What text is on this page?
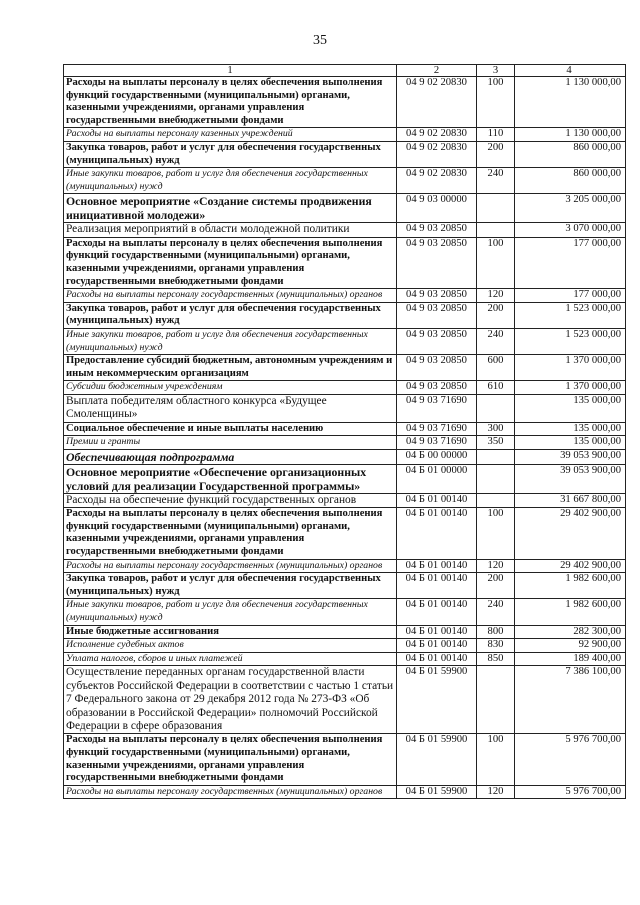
35
1	2	3	4
Расходы на выплаты персоналу в целях обеспечения выполнения функций государственными (муниципальными) органами, казенными учреждениями, органами управления государственными внебюджетными фондами	04 9 02 20830	100	1 130 000,00
Расходы на выплаты персоналу казенных учреждений	04 9 02 20830	110	1 130 000,00
Закупка товаров, работ и услуг для обеспечения государственных (муниципальных) нужд	04 9 02 20830	200	860 000,00
Иные закупки товаров, работ и услуг для обеспечения государственных (муниципальных) нужд	04 9 02 20830	240	860 000,00
Основное мероприятие «Создание системы продвижения инициативной молодежи»	04 9 03 00000		3 205 000,00
Реализация мероприятий в области молодежной политики	04 9 03 20850		3 070 000,00
Расходы на выплаты персоналу в целях обеспечения выполнения функций государственными (муниципальными) органами, казенными учреждениями, органами управления государственными внебюджетными фондами	04 9 03 20850	100	177 000,00
Расходы на выплаты персоналу государственных (муниципальных) органов	04 9 03 20850	120	177 000,00
Закупка товаров, работ и услуг для обеспечения государственных (муниципальных) нужд	04 9 03 20850	200	1 523 000,00
Иные закупки товаров, работ и услуг для обеспечения государственных (муниципальных) нужд	04 9 03 20850	240	1 523 000,00
Предоставление субсидий бюджетным, автономным учреждениям и иным некоммерческим организациям	04 9 03 20850	600	1 370 000,00
Субсидии бюджетным учреждениям	04 9 03 20850	610	1 370 000,00
Выплата победителям областного конкурса «Будущее Смоленщины»	04 9 03 71690		135 000,00
Социальное обеспечение и иные выплаты населению	04 9 03 71690	300	135 000,00
Премии и гранты	04 9 03 71690	350	135 000,00
Обеспечивающая подпрограмма	04 Б 00 00000		39 053 900,00
Основное мероприятие «Обеспечение организационных условий для реализации Государственной программы»	04 Б 01 00000		39 053 900,00
Расходы на обеспечение функций государственных органов	04 Б 01 00140		31 667 800,00
Расходы на выплаты персоналу в целях обеспечения выполнения функций государственными (муниципальными) органами, казенными учреждениями, органами управления государственными внебюджетными фондами	04 Б 01 00140	100	29 402 900,00
Расходы на выплаты персоналу государственных (муниципальных) органов	04 Б 01 00140	120	29 402 900,00
Закупка товаров, работ и услуг для обеспечения государственных (муниципальных) нужд	04 Б 01 00140	200	1 982 600,00
Иные закупки товаров, работ и услуг для обеспечения государственных (муниципальных) нужд	04 Б 01 00140	240	1 982 600,00
Иные бюджетные ассигнования	04 Б 01 00140	800	282 300,00
Исполнение судебных актов	04 Б 01 00140	830	92 900,00
Уплата налогов, сборов и иных платежей	04 Б 01 00140	850	189 400,00
Осуществление переданных органам государственной власти субъектов Российской Федерации в соответствии с частью 1 статьи 7 Федерального закона от 29 декабря 2012 года № 273-ФЗ «Об образовании в Российской Федерации» полномочий Российской Федерации в сфере образования	04 Б 01 59900		7 386 100,00
Расходы на выплаты персоналу в целях обеспечения выполнения функций государственными (муниципальными) органами, казенными учреждениями, органами управления государственными внебюджетными фондами	04 Б 01 59900	100	5 976 700,00
Расходы на выплаты персоналу государственных (муниципальных) органов	04 Б 01 59900	120	5 976 700,00
